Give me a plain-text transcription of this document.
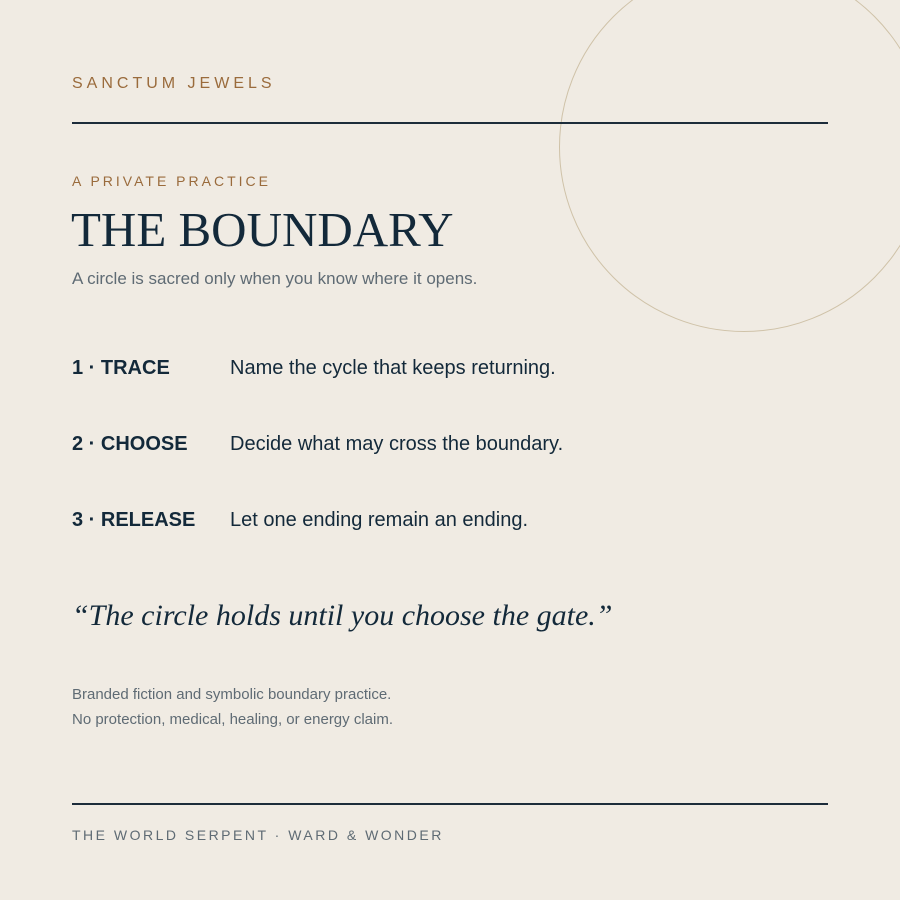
SANCTUM JEWELS
A PRIVATE PRACTICE
THE BOUNDARY
A circle is sacred only when you know where it opens.
1 · TRACE	Name the cycle that keeps returning.
2 · CHOOSE Decide what may cross the boundary.
3 · RELEASE Let one ending remain an ending.
“The circle holds until you choose the gate.”
Branded fiction and symbolic boundary practice.
No protection, medical, healing, or energy claim.
THE WORLD SERPENT · WARD & WONDER
